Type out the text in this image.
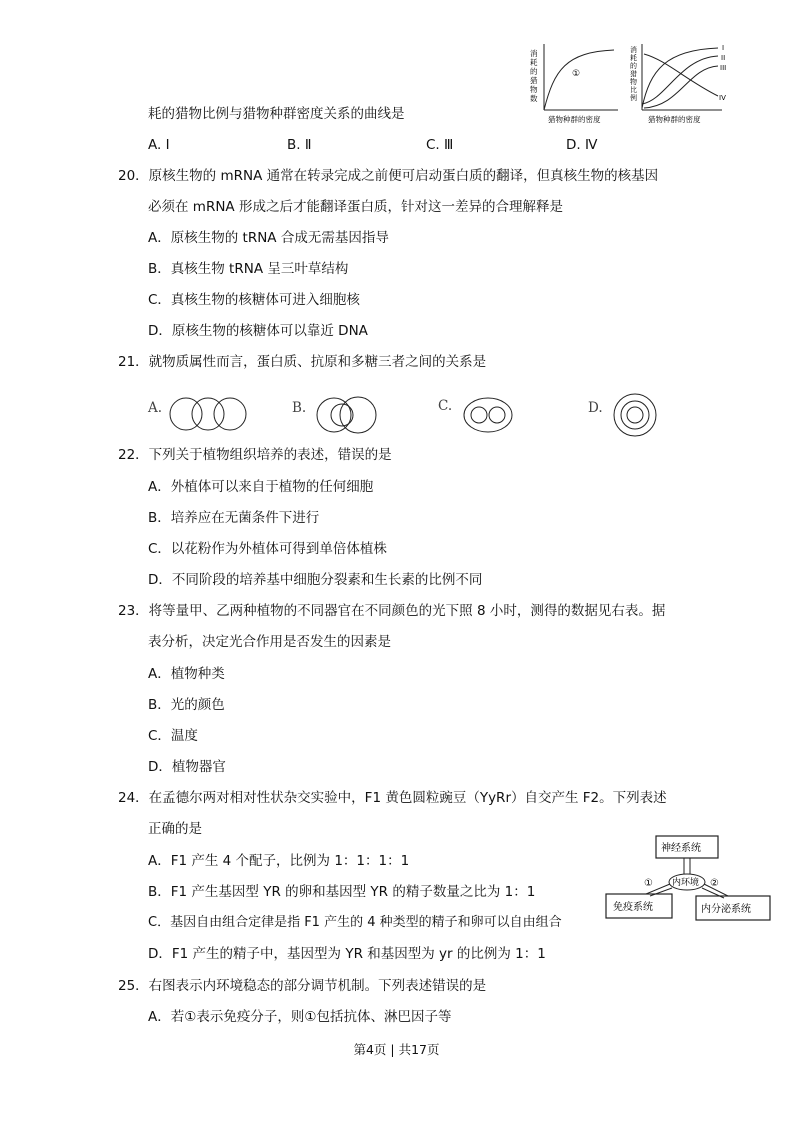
①
消耗的猎物数
猎物种群的密度
I
II
III
IV
消耗的猎物比例
猎物种群的密度
耗的猎物比例与猎物种群密度关系的曲线是
A. Ⅰ	B. Ⅱ	C. Ⅲ	D. Ⅳ
20．原核生物的 mRNA 通常在转录完成之前便可启动蛋白质的翻译，但真核生物的核基因
必须在 mRNA 形成之后才能翻译蛋白质，针对这一差异的合理解释是
A．原核生物的 tRNA 合成无需基因指导
B．真核生物 tRNA 呈三叶草结构
C．真核生物的核糖体可进入细胞核
D．原核生物的核糖体可以靠近 DNA
21．就物质属性而言，蛋白质、抗原和多糖三者之间的关系是
A.	B.	C.	D.
22．下列关于植物组织培养的表述，错误的是
A．外植体可以来自于植物的任何细胞
B．培养应在无菌条件下进行
C．以花粉作为外植体可得到单倍体植株
D．不同阶段的培养基中细胞分裂素和生长素的比例不同
23．将等量甲、乙两种植物的不同器官在不同颜色的光下照 8 小时，测得的数据见右表。据
表分析，决定光合作用是否发生的因素是
A．植物种类
B．光的颜色
C．温度
D．植物器官
24．在孟德尔两对相对性状杂交实验中，F1 黄色圆粒豌豆（YyRr）自交产生 F2。下列表述
正确的是
A．F1 产生 4 个配子，比例为 1：1：1：1
B．F1 产生基因型 YR 的卵和基因型 YR 的精子数量之比为 1：1
C．基因自由组合定律是指 F1 产生的 4 种类型的精子和卵可以自由组合
D．F1 产生的精子中，基因型为 YR 和基因型为 yr 的比例为 1：1
神经系统
内环境
免疫系统	内分泌系统
①	②
25．右图表示内环境稳态的部分调节机制。下列表述错误的是
A．若①表示免疫分子，则①包括抗体、淋巴因子等
第4页 | 共17页
